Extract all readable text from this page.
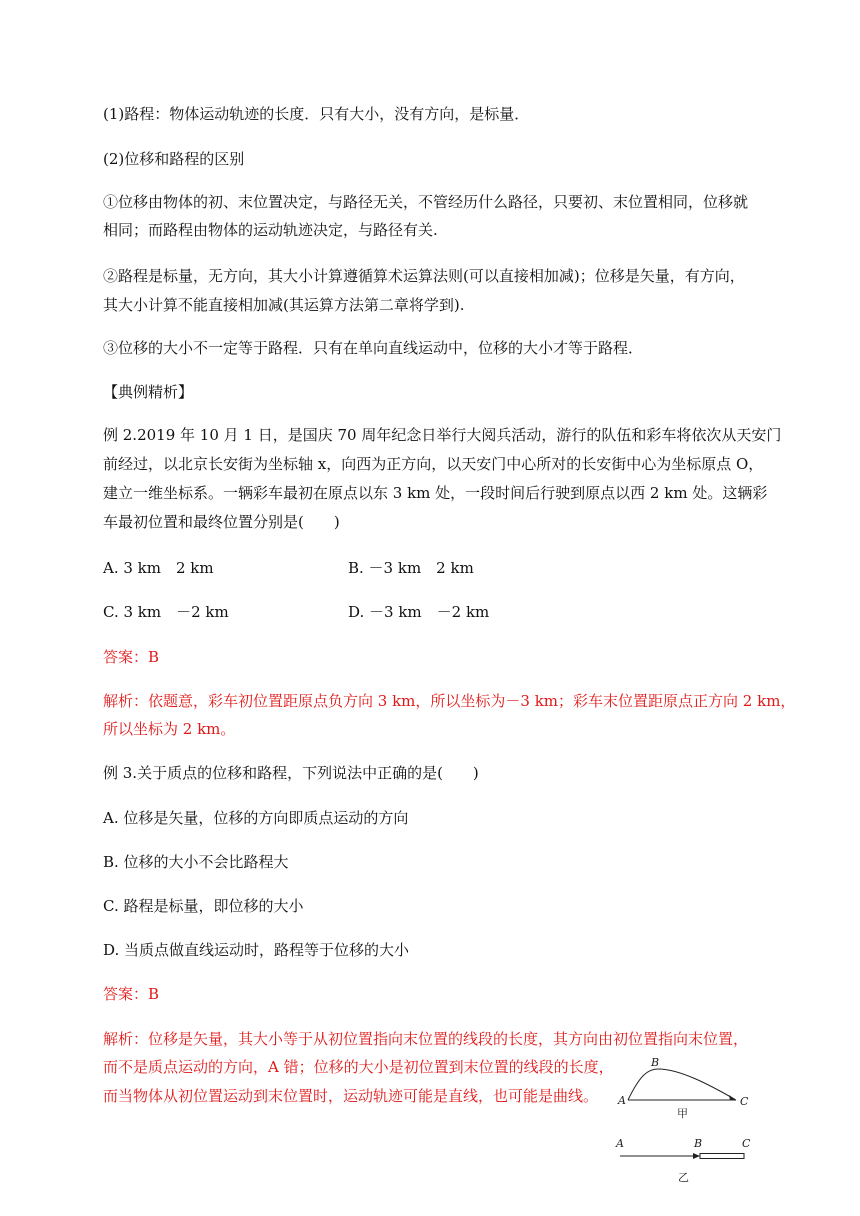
(1)路程：物体运动轨迹的长度．只有大小，没有方向，是标量．
(2)位移和路程的区别
①位移由物体的初、末位置决定，与路径无关，不管经历什么路径，只要初、末位置相同，位移就
相同；而路程由物体的运动轨迹决定，与路径有关.
②路程是标量，无方向，其大小计算遵循算术运算法则(可以直接相加减)；位移是矢量，有方向，
其大小计算不能直接相加减(其运算方法第二章将学到).
③位移的大小不一定等于路程．只有在单向直线运动中，位移的大小才等于路程．
【典例精析】
例 2.2019 年 10 月 1 日，是国庆 70 周年纪念日举行大阅兵活动，游行的队伍和彩车将依次从天安门
前经过，以北京长安街为坐标轴 x，向西为正方向，以天安门中心所对的长安街中心为坐标原点 O，
建立一维坐标系。一辆彩车最初在原点以东 3 km 处，一段时间后行驶到原点以西 2 km 处。这辆彩
车最初位置和最终位置分别是(　　)
A. 3 km　2 km	B. －3 km　2 km
C. 3 km　－2 km	D. －3 km　－2 km
答案：B
解析：依题意，彩车初位置距原点负方向 3 km，所以坐标为－3 km；彩车末位置距原点正方向 2 km，
所以坐标为 2 km。
例 3.关于质点的位移和路程，下列说法中正确的是(　　)
A. 位移是矢量，位移的方向即质点运动的方向
B. 位移的大小不会比路程大
C. 路程是标量，即位移的大小
D. 当质点做直线运动时，路程等于位移的大小
答案：B
解析：位移是矢量，其大小等于从初位置指向末位置的线段的长度，其方向由初位置指向末位置，
而不是质点运动的方向，A 错；位移的大小是初位置到末位置的线段的长度，
而当物体从初位置运动到末位置时，运动轨迹可能是直线，也可能是曲线。 A
B
C
甲
A	B	C
乙
